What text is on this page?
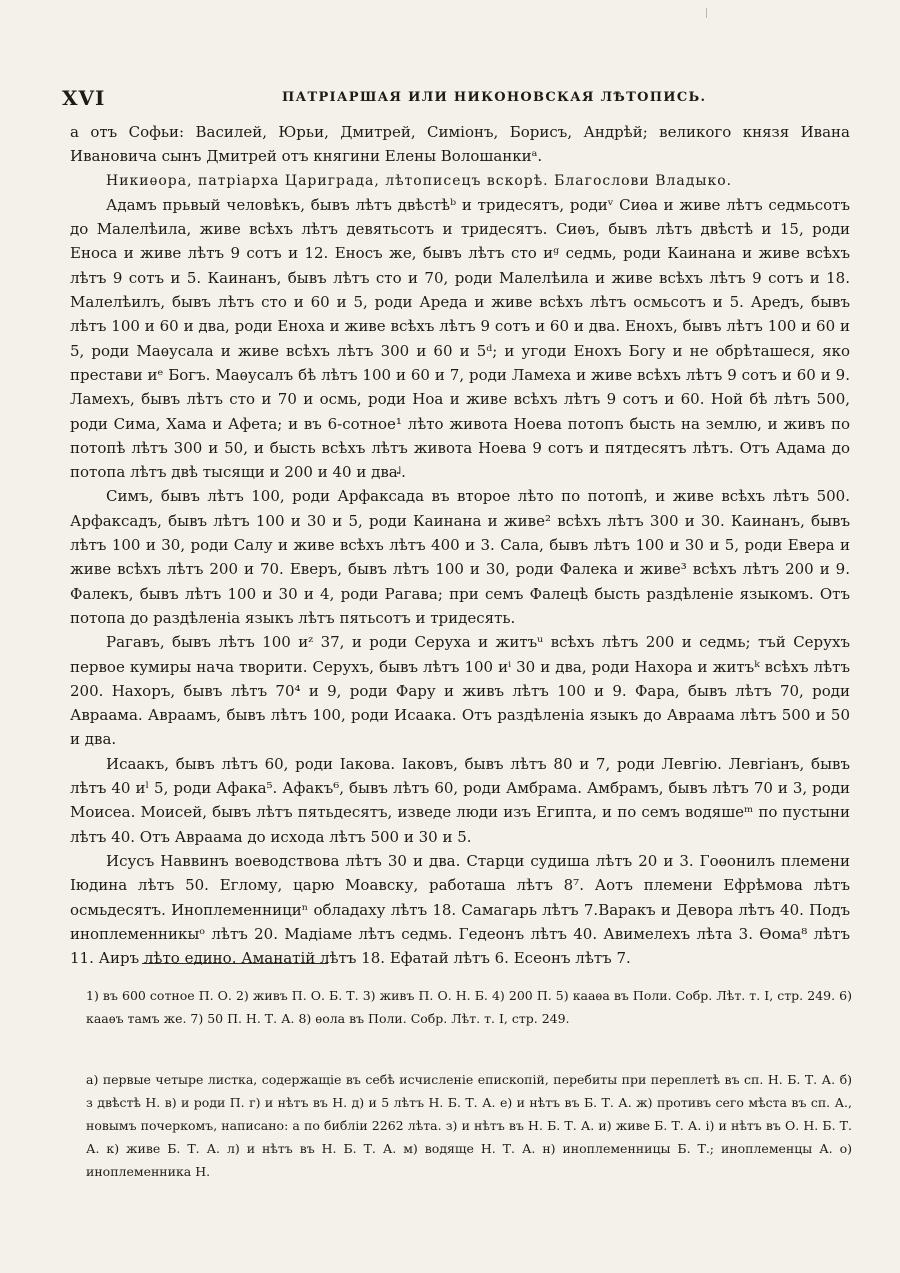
XVI	ПАТРІАРШАЯ ИЛИ НИКОНОВСКАЯ ЛѢТОПИСЬ.

а отъ Софьи: Василей, Юрьи, Дмитрей, Симіонъ, Борисъ, Андрѣй; великого князя Ивана Ивановича сынъ Дмитрей отъ княгини Елены Волошанкиᵃ.

Никиѳора, патріарха Цариграда, лѣтописецъ вскорѣ. Благослови Владыко.

Адамъ прьвый человѣкъ, бывъ лѣтъ двѣстѣᵇ и тридесятъ, родиᵛ Сиѳа и живе лѣтъ седмьсотъ до Малелѣила, живе всѣхъ лѣтъ девятьсотъ и тридесятъ. Сиѳъ, бывъ лѣтъ двѣстѣ и 15, роди Еноса и живе лѣтъ 9 сотъ и 12. Еносъ же, бывъ лѣтъ сто иᵍ седмь, роди Каинана и живе всѣхъ лѣтъ 9 сотъ и 5. Каинанъ, бывъ лѣтъ сто и 70, роди Малелѣила и живе всѣхъ лѣтъ 9 сотъ и 18. Малелѣилъ, бывъ лѣтъ сто и 60 и 5, роди Ареда и живе всѣхъ лѣтъ осмьсотъ и 5. Аредъ, бывъ лѣтъ 100 и 60 и два, роди Еноха и живе всѣхъ лѣтъ 9 сотъ и 60 и два. Енохъ, бывъ лѣтъ 100 и 60 и 5, роди Маѳусала и живе всѣхъ лѣтъ 300 и 60 и 5ᵈ; и угоди Енохъ Богу и не обрѣташеся, яко престави иᵉ Богъ. Маѳусалъ бѣ лѣтъ 100 и 60 и 7, роди Ламеха и живе всѣхъ лѣтъ 9 сотъ и 60 и 9. Ламехъ, бывъ лѣтъ сто и 70 и осмь, роди Ноа и живе всѣхъ лѣтъ 9 сотъ и 60. Ной бѣ лѣтъ 500, роди Сима, Хама и Афета; и въ 6-сотное¹ лѣто живота Ноева потопъ бысть на землю, и живъ по потопѣ лѣтъ 300 и 50, и бысть всѣхъ лѣтъ живота Ноева 9 сотъ и пятдесятъ лѣтъ. Отъ Адама до потопа лѣтъ двѣ тысящи и 200 и 40 и дваᶨ.

Симъ, бывъ лѣтъ 100, роди Арфаксада въ второе лѣто по потопѣ, и живе всѣхъ лѣтъ 500. Арфаксадъ, бывъ лѣтъ 100 и 30 и 5, роди Каинана и живе² всѣхъ лѣтъ 300 и 30. Каинанъ, бывъ лѣтъ 100 и 30, роди Салу и живе всѣхъ лѣтъ 400 и 3. Сала, бывъ лѣтъ 100 и 30 и 5, роди Евера и живе всѣхъ лѣтъ 200 и 70. Еверъ, бывъ лѣтъ 100 и 30, роди Фалека и живе³ всѣхъ лѣтъ 200 и 9. Фалекъ, бывъ лѣтъ 100 и 30 и 4, роди Рагава; при семъ Фалецѣ бысть раздѣленіе языкомъ. Отъ потопа до раздѣленіа языкъ лѣтъ пятьсотъ и тридесять.

Рагавъ, бывъ лѣтъ 100 иᶻ 37, и роди Серуха и житъᵘ всѣхъ лѣтъ 200 и седмь; тъй Серухъ первое кумиры нача творити. Серухъ, бывъ лѣтъ 100 иⁱ 30 и два, роди Нахора и житъᵏ всѣхъ лѣтъ 200. Нахоръ, бывъ лѣтъ 70⁴ и 9, роди Фару и живъ лѣтъ 100 и 9. Фара, бывъ лѣтъ 70, роди Авраама. Авраамъ, бывъ лѣтъ 100, роди Исаака. Отъ раздѣленіа языкъ до Авраама лѣтъ 500 и 50 и два.

Исаакъ, бывъ лѣтъ 60, роди Іакова. Іаковъ, бывъ лѣтъ 80 и 7, роди Левгію. Левгіанъ, бывъ лѣтъ 40 иˡ 5, роди Афака⁵. Афакъ⁶, бывъ лѣтъ 60, роди Амбрама. Амбрамъ, бывъ лѣтъ 70 и 3, роди Моисеа. Моисей, бывъ лѣтъ пятьдесятъ, изведе люди изъ Египта, и по семъ водяшеᵐ по пустыни лѣтъ 40. Отъ Авраама до исхода лѣтъ 500 и 30 и 5.

Исусъ Наввинъ воеводствова лѣтъ 30 и два. Старци судиша лѣтъ 20 и 3. Гоѳонилъ племени Іюдина лѣтъ 50. Еглому, царю Моавску, работаша лѣтъ 8⁷. Аотъ племени Ефрѣмова лѣтъ осмьдесятъ. Иноплеменнициⁿ обладаху лѣтъ 18. Самагарь лѣтъ 7.Варакъ и Девора лѣтъ 40. Подъ иноплеменникыᵒ лѣтъ 20. Мадіаме лѣтъ седмь. Гедеонъ лѣтъ 40. Авимелехъ лѣта 3. Ѳома⁸ лѣтъ 11. Аиръ лѣто едино. Аманатій лѣтъ 18. Ефатай лѣтъ 6. Есеонъ лѣтъ 7.

1) въ 600 сотное П. О. 2) живъ П. О. Б. Т. 3) живъ П. О. Н. Б. 4) 200 П. 5) кааѳа въ Поли. Собр. Лѣт. т. I, стр. 249. 6) кааѳъ тамъ же. 7) 50 П. Н. Т. А. 8) ѳола въ Поли. Собр. Лѣт. т. I, стр. 249.

а) первые четыре листка, содержащіе въ себѣ исчисленіе епископій, перебиты при переплетѣ въ сп. Н. Б. Т. А. б) з двѣстѣ Н. в) и роди П. г) и нѣтъ въ Н. д) и 5 лѣтъ Н. Б. Т. А. е) и нѣтъ въ Б. Т. А. ж) противъ сего мѣста въ сп. А., новымъ почеркомъ, написано: а по библіи 2262 лѣта. з) и нѣтъ въ Н. Б. Т. А. и) живе Б. Т. А. і) и нѣтъ въ О. Н. Б. Т. А. к) живе Б. Т. А. л) и нѣтъ въ Н. Б. Т. А. м) водяще Н. Т. А. н) иноплеменницы Б. Т.; иноплеменцы А. о) иноплеменника Н.
